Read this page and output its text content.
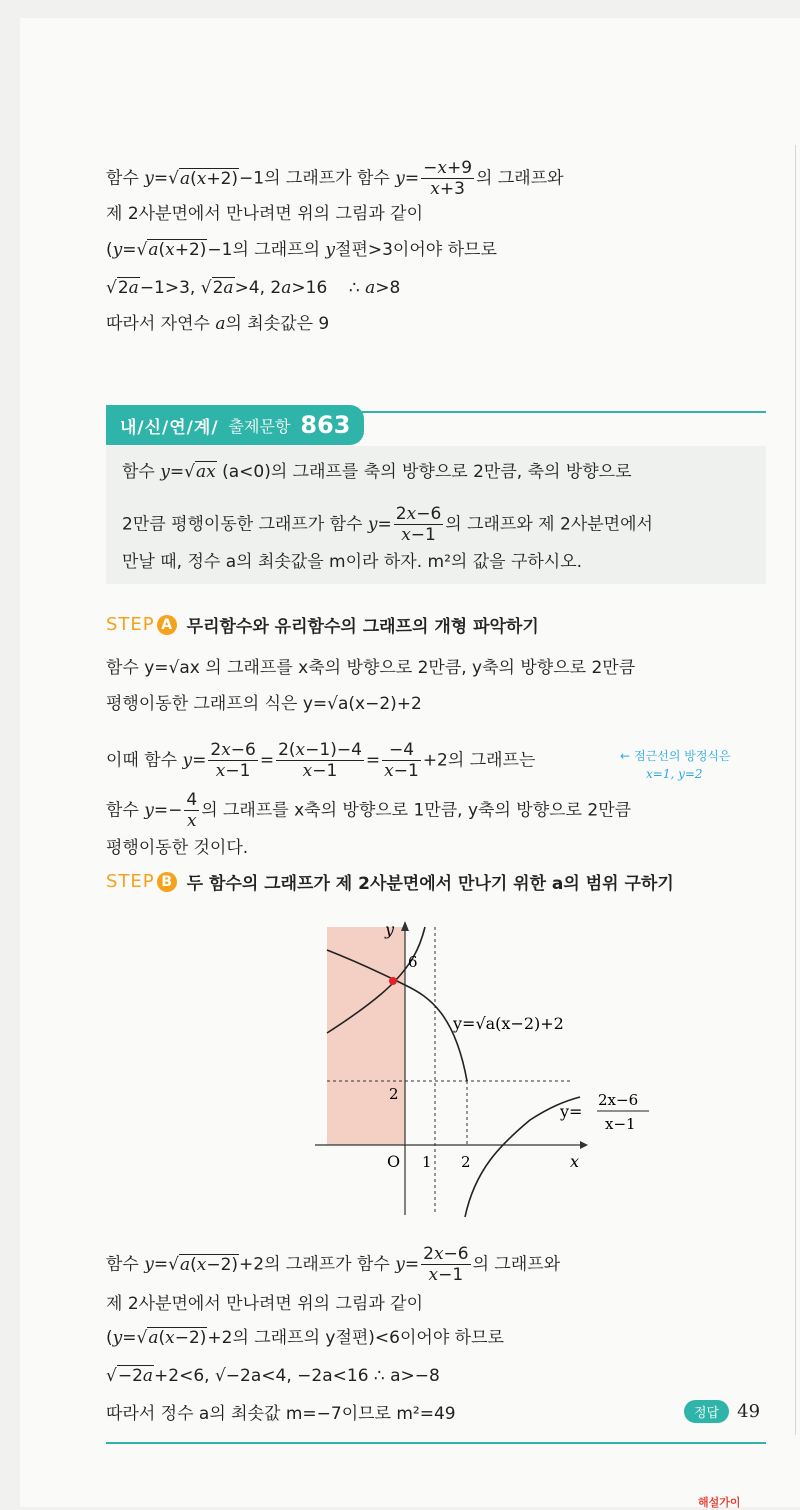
함수 y=√a(x+2)−1의 그래프가 함수 $y= \frac{-x+9}{x+3}$ 의 그래프와
제 2사분면에서 만나려면 위의 그림과 같이
(y=√a(x+2)−1의 그래프의 y절편>3이어야 하므로
√2a−1>3, √2a>4, 2a>16    ∴ a>8
따라서 자연수 a의 최솟값은 9
내/신/연/계/ 출제문항 863
함수 y=√ax (a<0)의 그래프를 축의 방향으로 2만큼, 축의 방향으로
2만큼 평행이동한 그래프가 함수 $y= \frac{2x-6}{x-1}$ 의 그래프와 제 2사분면에서
만날 때, 정수 a의 최솟값을 m이라 하자. m²의 값을 구하시오.
STEP A 무리함수와 유리함수의 그래프의 개형 파악하기
함수 y=√ax 의 그래프를 x축의 방향으로 2만큼, y축의 방향으로 2만큼
평행이동한 그래프의 식은 y=√a(x−2)+2
이때 함수 $y= \frac{2x-6}{x-1} = \frac{2(x-1)-4}{x-1} = \frac{-4}{x-1} +2$의 그래프는	← 점근선의 방정식은
x=1, y=2
함수 $y=- \frac{4}{x}$ 의 그래프를 x축의 방향으로 1만큼, y축의 방향으로 2만큼
평행이동한 것이다.
STEP B 두 함수의 그래프가 제 2사분면에서 만나기 위한 a의 범위 구하기
y
x
O 1 2
2
6
y=√a(x−2)+2
y=
2x−6
x−1
함수 y=√a(x−2)+2의 그래프가 함수 $y= \frac{2x-6}{x-1}$ 의 그래프와
제 2사분면에서 만나려면 위의 그림과 같이
(y=√a(x−2)+2의 그래프의 y절편)<6이어야 하므로
√−2a+2<6, √−2a<4, −2a<16 ∴ a>−8
따라서 정수 a의 최솟값 m=−7이므로 m²=49	정답	49
해설가이
